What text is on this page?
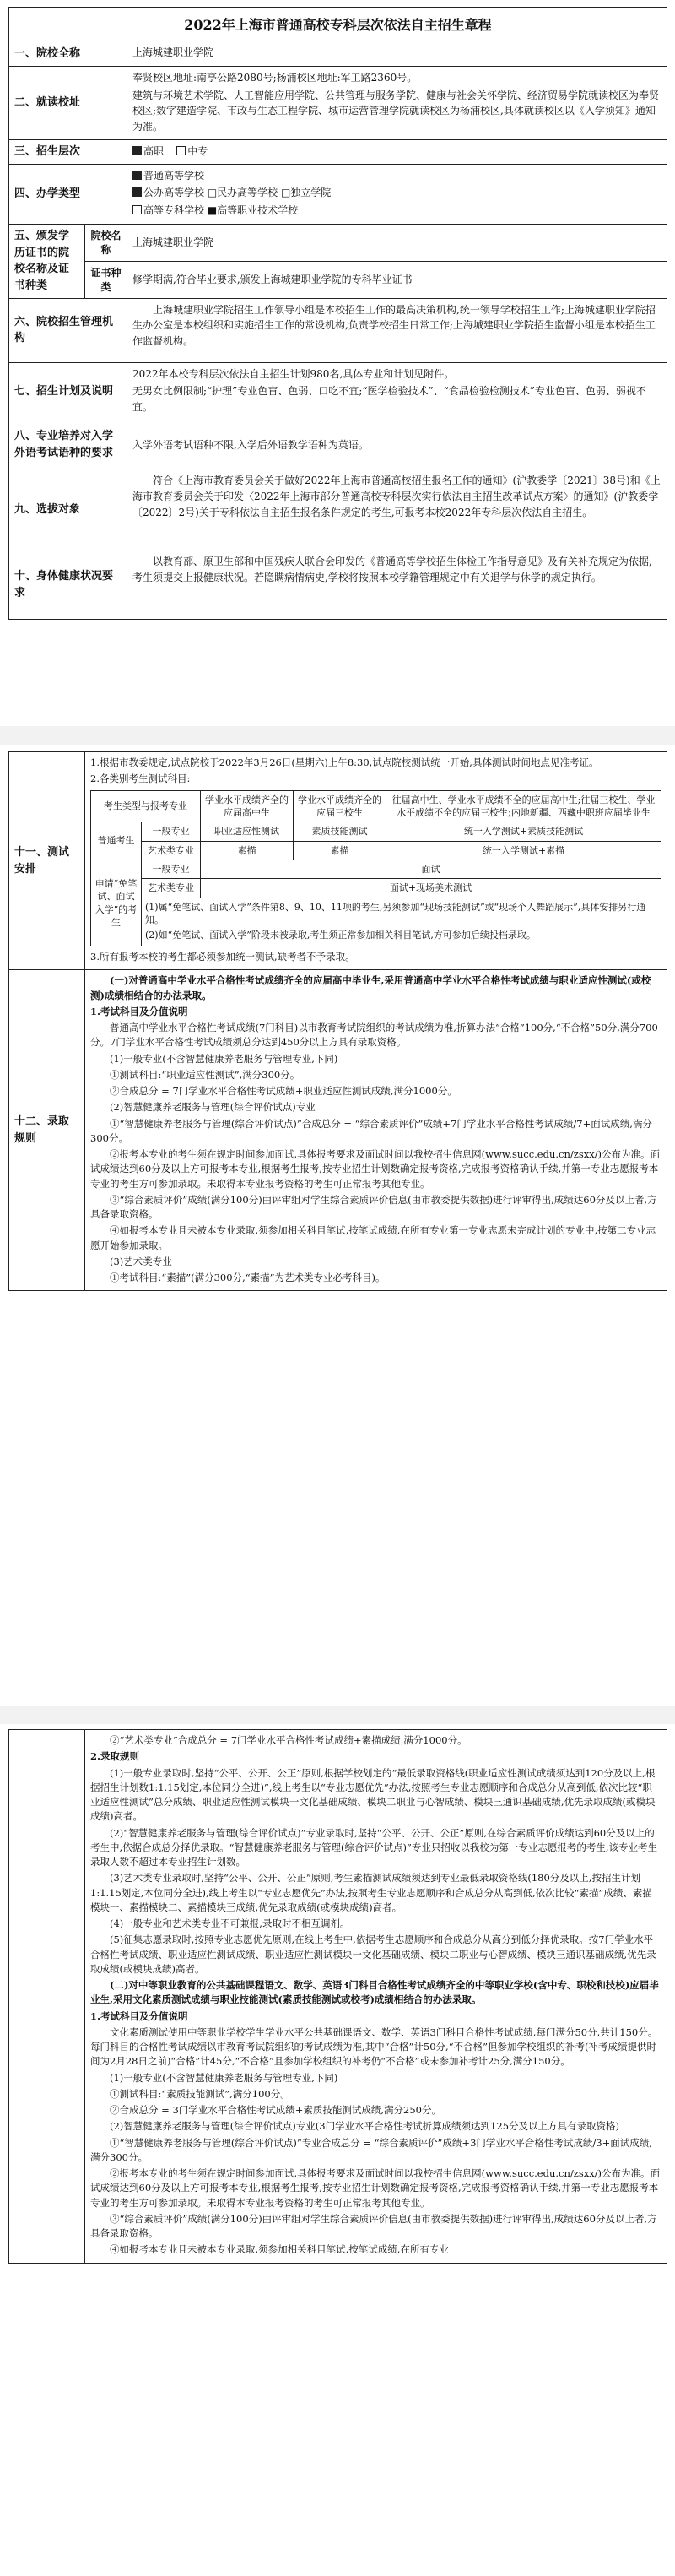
2022年上海市普通高校专科层次依法自主招生章程		
一、院校全称		上海城建职业学院
二、就读校址		奉贤校区地址:南亭公路2080号;杨浦校区地址:军工路2360号。

建筑与环境艺术学院、人工智能应用学院、公共管理与服务学院、健康与社会关怀学院、经济贸易学院就读校区为奉贤校区;数字建造学院、市政与生态工程学院、城市运营管理学院就读校区为杨浦校区,具体就读校区以《入学须知》通知为准。

三、招生层次		高职 中专
四、办学类型		普通高等学校

公办高等学校 □民办高等学校 □独立学院

高等专科学校 ■高等职业技术学校

五、颁发学历证书的院校名称及证书种类	院校名称	上海城建职业学院
	证书种类	修学期满,符合毕业要求,颁发上海城建职业学院的专科毕业证书
六、院校招生管理机构		上海城建职业学院招生工作领导小组是本校招生工作的最高决策机构,统一领导学校招生工作;上海城建职业学院招生办公室是本校组织和实施招生工作的常设机构,负责学校招生日常工作;上海城建职业学院招生监督小组是本校招生工作监督机构。
七、招生计划及说明		2022年本校专科层次依法自主招生计划980名,具体专业和计划见附件。

无男女比例限制;“护理”专业色盲、色弱、口吃不宜;“医学检验技术”、“食品检验检测技术”专业色盲、色弱、弱视不宜。

八、专业培养对入学外语考试语种的要求		入学外语考试语种不限,入学后外语教学语种为英语。
九、选拔对象		符合《上海市教育委员会关于做好2022年上海市普通高校招生报名工作的通知》(沪教委学〔2021〕38号)和《上海市教育委员会关于印发〈2022年上海市部分普通高校专科层次实行依法自主招生改革试点方案〉的通知》(沪教委学〔2022〕2号)关于专科依法自主招生报名条件规定的考生,可报考本校2022年专科层次依法自主招生。
十、身体健康状况要求		以教育部、原卫生部和中国残疾人联合会印发的《普通高等学校招生体检工作指导意见》及有关补充规定为依据,考生须提交上报健康状况。若隐瞒病情病史,学校将按照本校学籍管理规定中有关退学与休学的规定执行。
十一、测试安排	

1.根据市教委规定,试点院校于2022年3月26日(星期六)上午8:30,试点院校测试统一开始,具体测试时间地点见准考证。

2.各类别考生测试科目:

考生类型与报考专业	学业水平成绩齐全的应届高中生	学业水平成绩齐全的应届三校生	往届高中生、学业水平成绩不全的应届高中生;往届三校生、学业水平成绩不全的应届三校生;内地新疆、西藏中职班应届毕业生
普通考生	一般专业	职业适应性测试	素质技能测试	统一入学测试+素质技能测试
艺术类专业	素描	素描	统一入学测试+素描
申请“免笔试、面试入学”的考生	一般专业	面试
艺术类专业	面试+现场美术测试

(1)属“免笔试、面试入学”条件第8、9、10、11项的考生,另须参加“现场技能测试”或“现场个人舞蹈展示”,具体安排另行通知。

(2)如“免笔试、面试入学”阶段未被录取,考生须正常参加相关科目笔试,方可参加后续投档录取。

3.所有报考本校的考生都必须参加统一测试,缺考者不予录取。

十二、录取规则	

(一)对普通高中学业水平合格性考试成绩齐全的应届高中毕业生,采用普通高中学业水平合格性考试成绩与职业适应性测试(或校测)成绩相结合的办法录取。

1.考试科目及分值说明

普通高中学业水平合格性考试成绩(7门科目)以市教育考试院组织的考试成绩为准,折算办法“合格”100分,“不合格”50分,满分700分。7门学业水平合格性考试成绩须总分达到450分以上方具有录取资格。

(1)一般专业(不含智慧健康养老服务与管理专业,下同)

①测试科目:“职业适应性测试”,满分300分。

②合成总分 = 7门学业水平合格性考试成绩+职业适应性测试成绩,满分1000分。

(2)智慧健康养老服务与管理(综合评价试点)专业

①“智慧健康养老服务与管理(综合评价试点)”合成总分 = “综合素质评价”成绩+7门学业水平合格性考试成绩/7+面试成绩,满分300分。

②报考本专业的考生须在规定时间参加面试,具体报考要求及面试时间以我校招生信息网(www.succ.edu.cn/zsxx/)公布为准。面试成绩达到60分及以上方可报考本专业,根据考生报考,按专业招生计划数确定报考资格,完成报考资格确认手续,并第一专业志愿报考本专业的考生方可参加录取。未取得本专业报考资格的考生可正常报考其他专业。

③“综合素质评价”成绩(满分100分)由评审组对学生综合素质评价信息(由市教委提供数据)进行评审得出,成绩达60分及以上者,方具备录取资格。

④如报考本专业且未被本专业录取,须参加相关科目笔试,按笔试成绩,在所有专业第一专业志愿未完成计划的专业中,按第二专业志愿开始参加录取。

(3)艺术类专业

①考试科目:“素描”(满分300分,“素描”为艺术类专业必考科目)。

②“艺术类专业”合成总分 = 7门学业水平合格性考试成绩+素描成绩,满分1000分。

2.录取规则

(1)一般专业录取时,坚持“公平、公开、公正”原则,根据学校划定的“最低录取资格线(职业适应性测试成绩须达到120分及以上,根据招生计划数1:1.15划定,本位同分全进)”,线上考生以“专业志愿优先”办法,按照考生专业志愿顺序和合成总分从高到低,依次比较“职业适应性测试”总分成绩、职业适应性测试模块一文化基础成绩、模块二职业与心智成绩、模块三通识基础成绩,优先录取成绩(或模块成绩)高者。

(2)“智慧健康养老服务与管理(综合评价试点)”专业录取时,坚持“公平、公开、公正”原则,在综合素质评价成绩达到60分及以上的考生中,依据合成总分择优录取。“智慧健康养老服务与管理(综合评价试点)”专业只招收以我校为第一专业志愿报考的考生,该专业考生录取人数不超过本专业招生计划数。

(3)艺术类专业录取时,坚持“公平、公开、公正”原则,考生素描测试成绩须达到专业最低录取资格线(180分及以上,按招生计划1:1.15划定,本位同分全进),线上考生以“专业志愿优先”办法,按照考生专业志愿顺序和合成总分从高到低,依次比较“素描”成绩、素描模块一、素描模块二、素描模块三成绩,优先录取成绩(或模块成绩)高者。

(4)一般专业和艺术类专业不可兼报,录取时不相互调剂。

(5)征集志愿录取时,按照专业志愿优先原则,在线上考生中,依据考生志愿顺序和合成总分从高分到低分择优录取。按7门学业水平合格性考试成绩、职业适应性测试成绩、职业适应性测试模块一文化基础成绩、模块二职业与心智成绩、模块三通识基础成绩,优先录取成绩(或模块成绩)高者。

(二)对中等职业教育的公共基础课程语文、数学、英语3门科目合格性考试成绩齐全的中等职业学校(含中专、职校和技校)应届毕业生,采用文化素质测试成绩与职业技能测试(素质技能测试或校考)成绩相结合的办法录取。

1.考试科目及分值说明

文化素质测试使用中等职业学校学生学业水平公共基础课语文、数学、英语3门科目合格性考试成绩,每门满分50分,共计150分。每门科目的合格性考试成绩以市教育考试院组织的考试成绩为准,其中“合格”计50分,“不合格”但参加学校组织的补考(补考成绩提供时间为2月28日之前)“合格”计45分,“不合格”且参加学校组织的补考仍“不合格”或未参加补考计25分,满分150分。

(1)一般专业(不含智慧健康养老服务与管理专业,下同)

①测试科目:“素质技能测试”,满分100分。

②合成总分 = 3门学业水平合格性考试成绩+素质技能测试成绩,满分250分。

(2)智慧健康养老服务与管理(综合评价试点)专业(3门学业水平合格性考试折算成绩须达到125分及以上方具有录取资格)

①“智慧健康养老服务与管理(综合评价试点)”专业合成总分 = “综合素质评价”成绩+3门学业水平合格性考试成绩/3+面试成绩,满分300分。

②报考本专业的考生须在规定时间参加面试,具体报考要求及面试时间以我校招生信息网(www.succ.edu.cn/zsxx/)公布为准。面试成绩达到60分及以上方可报考本专业,根据考生报考,按专业招生计划数确定报考资格,完成报考资格确认手续,并第一专业志愿报考本专业的考生方可参加录取。未取得本专业报考资格的考生可正常报考其他专业。

③“综合素质评价”成绩(满分100分)由评审组对学生综合素质评价信息(由市教委提供数据)进行评审得出,成绩达60分及以上者,方具备录取资格。

④如报考本专业且未被本专业录取,须参加相关科目笔试,按笔试成绩,在所有专业
